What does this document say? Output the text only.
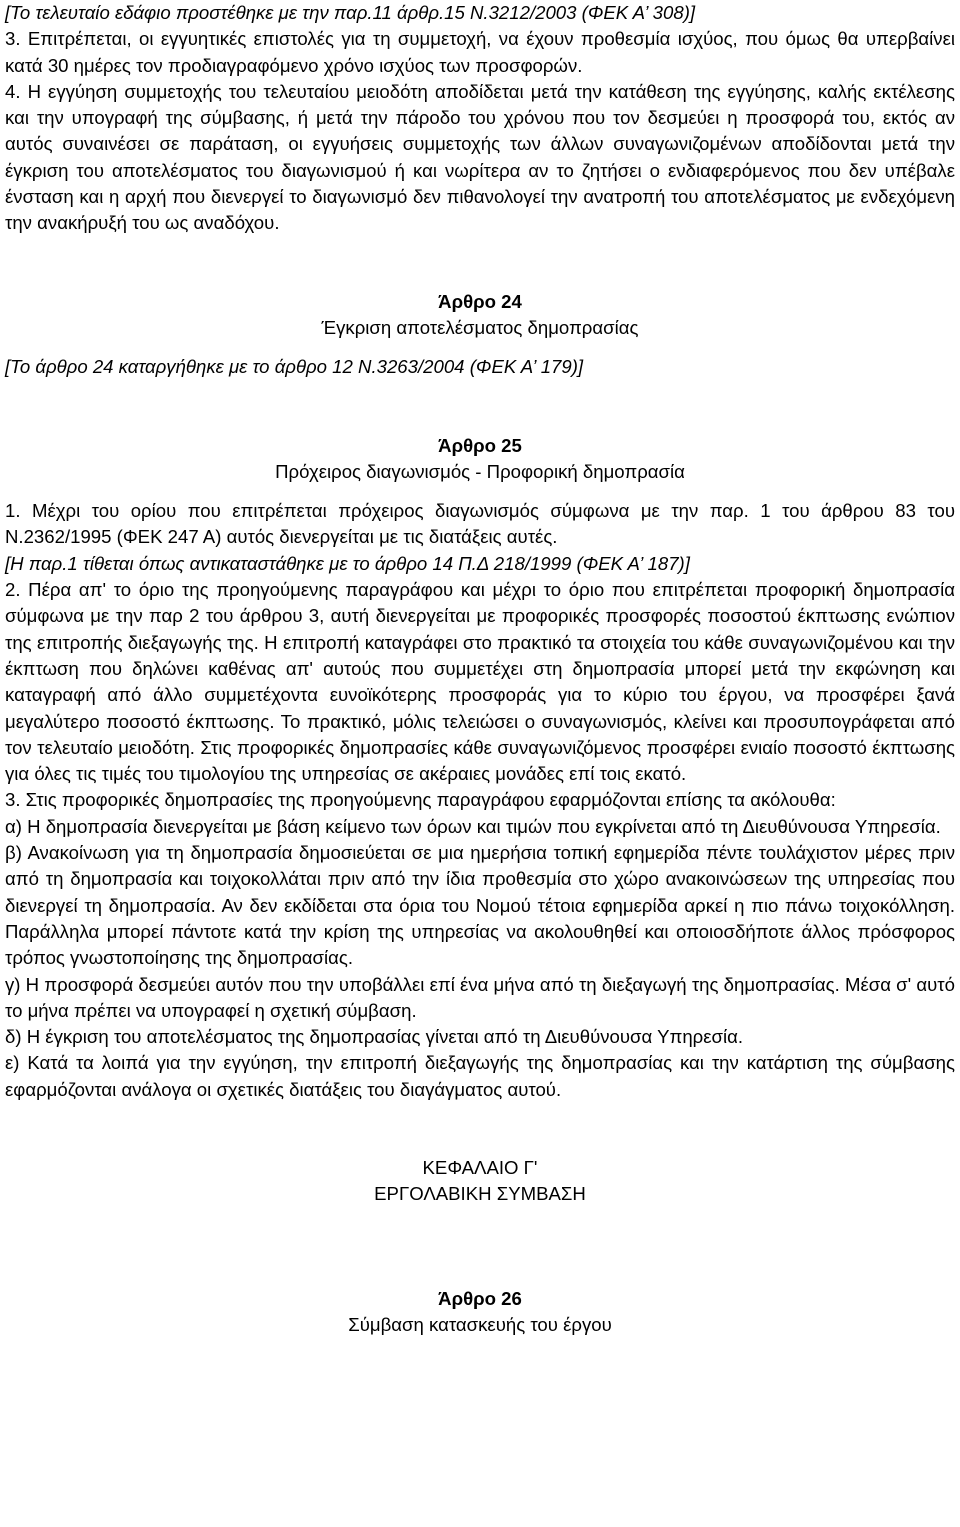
[Το τελευταίο εδάφιο προστέθηκε με την παρ.11 άρθρ.15 Ν.3212/2003 (ΦΕΚ Α’ 308)]

3. Επιτρέπεται, οι εγγυητικές επιστολές για τη συμμετοχή, να έχουν προθεσμία ισχύος, που όμως θα υπερβαίνει κατά 30 ημέρες τον προδιαγραφόμενο χρόνο ισχύος των προσφορών.

4. Η εγγύηση συμμετοχής του τελευταίου μειοδότη αποδίδεται μετά την κατάθεση της εγγύησης, καλής εκτέλεσης και την υπογραφή της σύμβασης, ή μετά την πάροδο του χρόνου που τον δεσμεύει η προσφορά του, εκτός αν αυτός συναινέσει σε παράταση, οι εγγυήσεις συμμετοχής των άλλων συναγωνιζομένων αποδίδονται μετά την έγκριση του αποτελέσματος του διαγωνισμού ή και νωρίτερα αν το ζητήσει ο ενδιαφερόμενος που δεν υπέβαλε ένσταση και η αρχή που διενεργεί το διαγωνισμό δεν πιθανολογεί την ανατροπή του αποτελέσματος με ενδεχόμενη την ανακήρυξή του ως αναδόχου.

Άρθρο 24

Έγκριση αποτελέσματος δημοπρασίας

[Το άρθρο 24 καταργήθηκε με το άρθρο 12 Ν.3263/2004 (ΦΕΚ Α’ 179)]

Άρθρο 25

Πρόχειρος διαγωνισμός - Προφορική δημοπρασία

1. Μέχρι του ορίου που επιτρέπεται πρόχειρος διαγωνισμός σύμφωνα με την παρ. 1 του άρθρου 83 του Ν.2362/1995 (ΦΕΚ 247 Α) αυτός διενεργείται με τις διατάξεις αυτές.

[Η παρ.1 τίθεται όπως αντικαταστάθηκε με το άρθρο 14 Π.Δ 218/1999 (ΦΕΚ Α’ 187)]

2. Πέρα απ' το όριο της προηγούμενης παραγράφου και μέχρι το όριο που επιτρέπεται προφορική δημοπρασία σύμφωνα με την παρ 2 του άρθρου 3, αυτή διενεργείται με προφορικές προσφορές ποσοστού έκπτωσης ενώπιον της επιτροπής διεξαγωγής της. Η επιτροπή καταγράφει στο πρακτικό τα στοιχεία του κάθε συναγωνιζομένου και την έκπτωση που δηλώνει καθένας απ' αυτούς που συμμετέχει στη δημοπρασία μπορεί μετά την εκφώνηση και καταγραφή από άλλο συμμετέχοντα ευνοϊκότερης προσφοράς για το κύριο του έργου, να προσφέρει ξανά μεγαλύτερο ποσοστό έκπτωσης. Το πρακτικό, μόλις τελειώσει ο συναγωνισμός, κλείνει και προσυπογράφεται από τον τελευταίο μειοδότη. Στις προφορικές δημοπρασίες κάθε συναγωνιζόμενος προσφέρει ενιαίο ποσοστό έκπτωσης για όλες τις τιμές του τιμολογίου της υπηρεσίας σε ακέραιες μονάδες επί τοις εκατό.

3. Στις προφορικές δημοπρασίες της προηγούμενης παραγράφου εφαρμόζονται επίσης τα ακόλουθα:

α) Η δημοπρασία διενεργείται με βάση κείμενο των όρων και τιμών που εγκρίνεται από τη Διευθύνουσα Υπηρεσία.

β) Ανακοίνωση για τη δημοπρασία δημοσιεύεται σε μια ημερήσια τοπική εφημερίδα πέντε τουλάχιστον μέρες πριν από τη δημοπρασία και τοιχοκολλάται πριν από την ίδια προθεσμία στο χώρο ανακοινώσεων της υπηρεσίας που διενεργεί τη δημοπρασία. Αν δεν εκδίδεται στα όρια του Νομού τέτοια εφημερίδα αρκεί η πιο πάνω τοιχοκόλληση. Παράλληλα μπορεί πάντοτε κατά την κρίση της υπηρεσίας να ακολουθηθεί και οποιοσδήποτε άλλος πρόσφορος τρόπος γνωστοποίησης της δημοπρασίας.

γ) Η προσφορά δεσμεύει αυτόν που την υποβάλλει επί ένα μήνα από τη διεξαγωγή της δημοπρασίας. Μέσα σ' αυτό το μήνα πρέπει να υπογραφεί η σχετική σύμβαση.

δ) Η έγκριση του αποτελέσματος της δημοπρασίας γίνεται από τη Διευθύνουσα Υπηρεσία.

ε) Κατά τα λοιπά για την εγγύηση, την επιτροπή διεξαγωγής της δημοπρασίας και την κατάρτιση της σύμβασης εφαρμόζονται ανάλογα οι σχετικές διατάξεις του διαγάγματος αυτού.

ΚΕΦΑΛΑΙΟ Γ'

ΕΡΓΟΛΑΒΙΚΗ ΣΥΜΒΑΣΗ

Άρθρο 26

Σύμβαση κατασκευής του έργου
